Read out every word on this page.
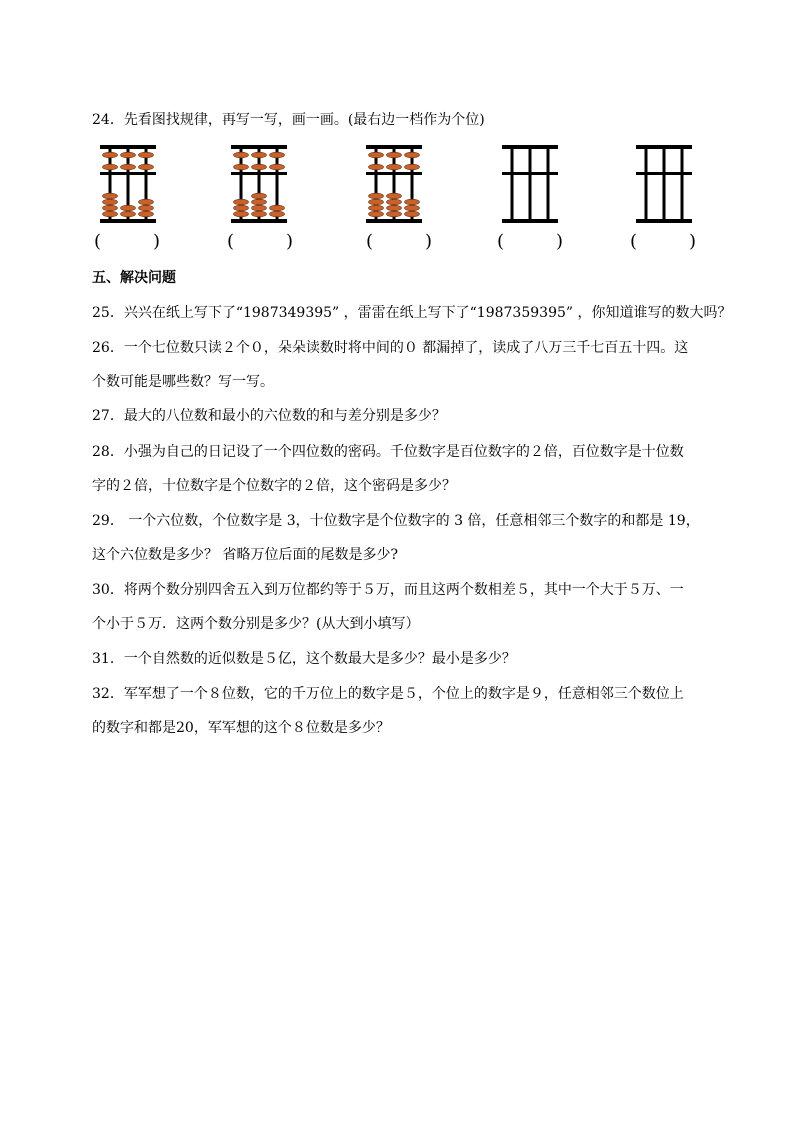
24．先看图找规律，再写一写，画一画。(最右边一档作为个位)
(	)	(	)	(	)	(	)	(	)
五、解决问题
25．兴兴在纸上写下了“1987349395” ，雷雷在纸上写下了“1987359395” ，你知道谁写的数大吗？
26．一个七位数只读２个０，朵朵读数时将中间的０ 都漏掉了，读成了八万三千七百五十四。这
个数可能是哪些数？写一写。
27．最大的八位数和最小的六位数的和与差分别是多少？
28．小强为自己的日记设了一个四位数的密码。千位数字是百位数字的２倍，百位数字是十位数
字的２倍，十位数字是个位数字的２倍，这个密码是多少？
29． 一个六位数，个位数字是 3，十位数字是个位数字的 3 倍，任意相邻三个数字的和都是 19，
这个六位数是多少？ 省略万位后面的尾数是多少?
30．将两个数分别四舍五入到万位都约等于５万，而且这两个数相差５，其中一个大于５万、一
个小于５万．这两个数分别是多少？(从大到小填写）
31．一个自然数的近似数是５亿，这个数最大是多少？最小是多少？
32．军军想了一个８位数，它的千万位上的数字是５，个位上的数字是９，任意相邻三个数位上
的数字和都是20，军军想的这个８位数是多少？
